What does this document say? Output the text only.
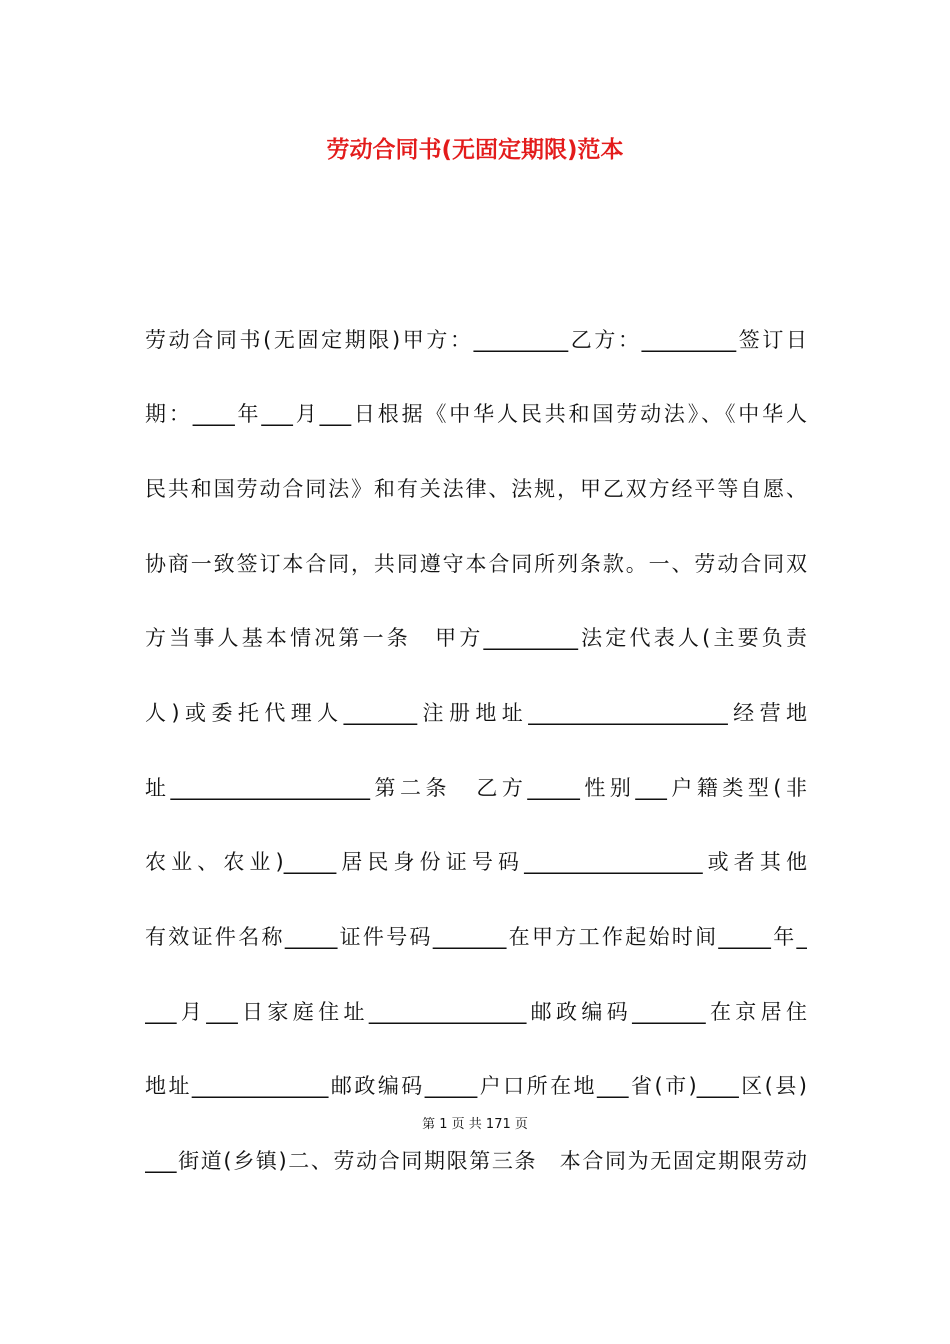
劳动合同书(无固定期限)范本
劳动合同书(无固定期限)甲方：_________乙方：_________签订日
期：____年___月___日根据《中华人民共和国劳动法》、《中华人
民共和国劳动合同法》和有关法律、法规，甲乙双方经平等自愿、
协商一致签订本合同，共同遵守本合同所列条款。一、劳动合同双
方当事人基本情况第一条　甲方_________法定代表人(主要负责
人)或委托代理人_______注册地址___________________经营地
址___________________第二条　乙方_____性别___户籍类型(非
农业、农业)_____居民身份证号码_________________或者其他
有效证件名称_____证件号码_______在甲方工作起始时间_____年_
___月___日家庭住址_______________邮政编码_______在京居住
地址_____________邮政编码_____户口所在地___省(市)____区(县)
第 1 页 共 171 页
___街道(乡镇)二、劳动合同期限第三条　本合同为无固定期限劳动
